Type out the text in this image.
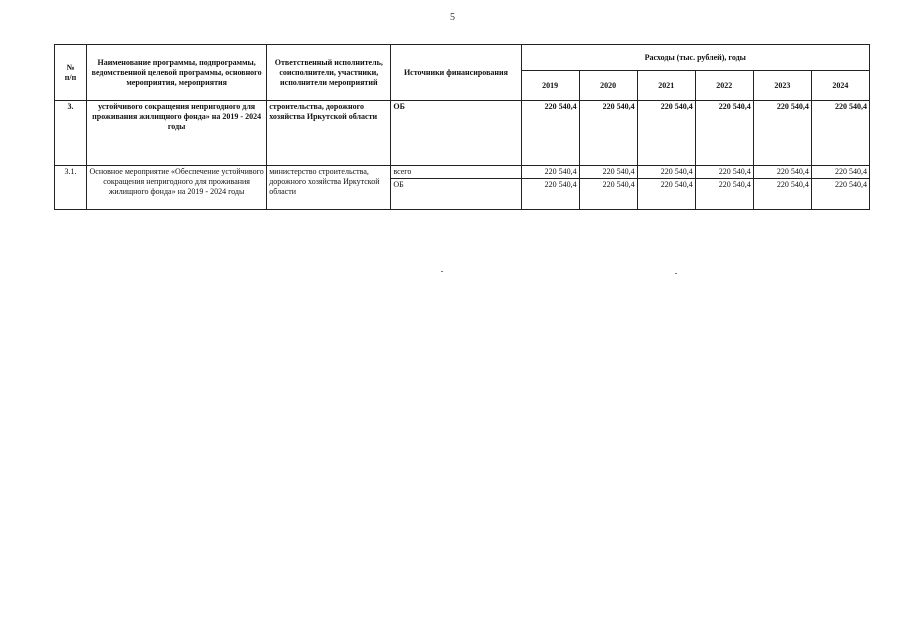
5
№
п/п	Наименование программы, подпрограммы, ведомственной целевой программы, основного мероприятия, мероприятия	Ответственный исполнитель, соисполнители, участники, исполнители мероприятий	Источники финансирования	Расходы (тыс. рублей), годы					
				2019	2020	2021	2022	2023	2024
3.	устойчивого сокращения непригодного для проживания жилищного фонда» на 2019 - 2024 годы	строительства, дорожного хозяйства Иркутской области	ОБ	220 540,4	220 540,4	220 540,4	220 540,4	220 540,4	220 540,4
3.1.	Основное мероприятие «Обеспечение устойчивого сокращения непригодного для проживания жилищного фонда» на 2019 - 2024 годы	министерство строительства, дорожного хозяйства Иркутской области	всего	220 540,4	220 540,4	220 540,4	220 540,4	220 540,4	220 540,4
			ОБ	220 540,4	220 540,4	220 540,4	220 540,4	220 540,4	220 540,4
